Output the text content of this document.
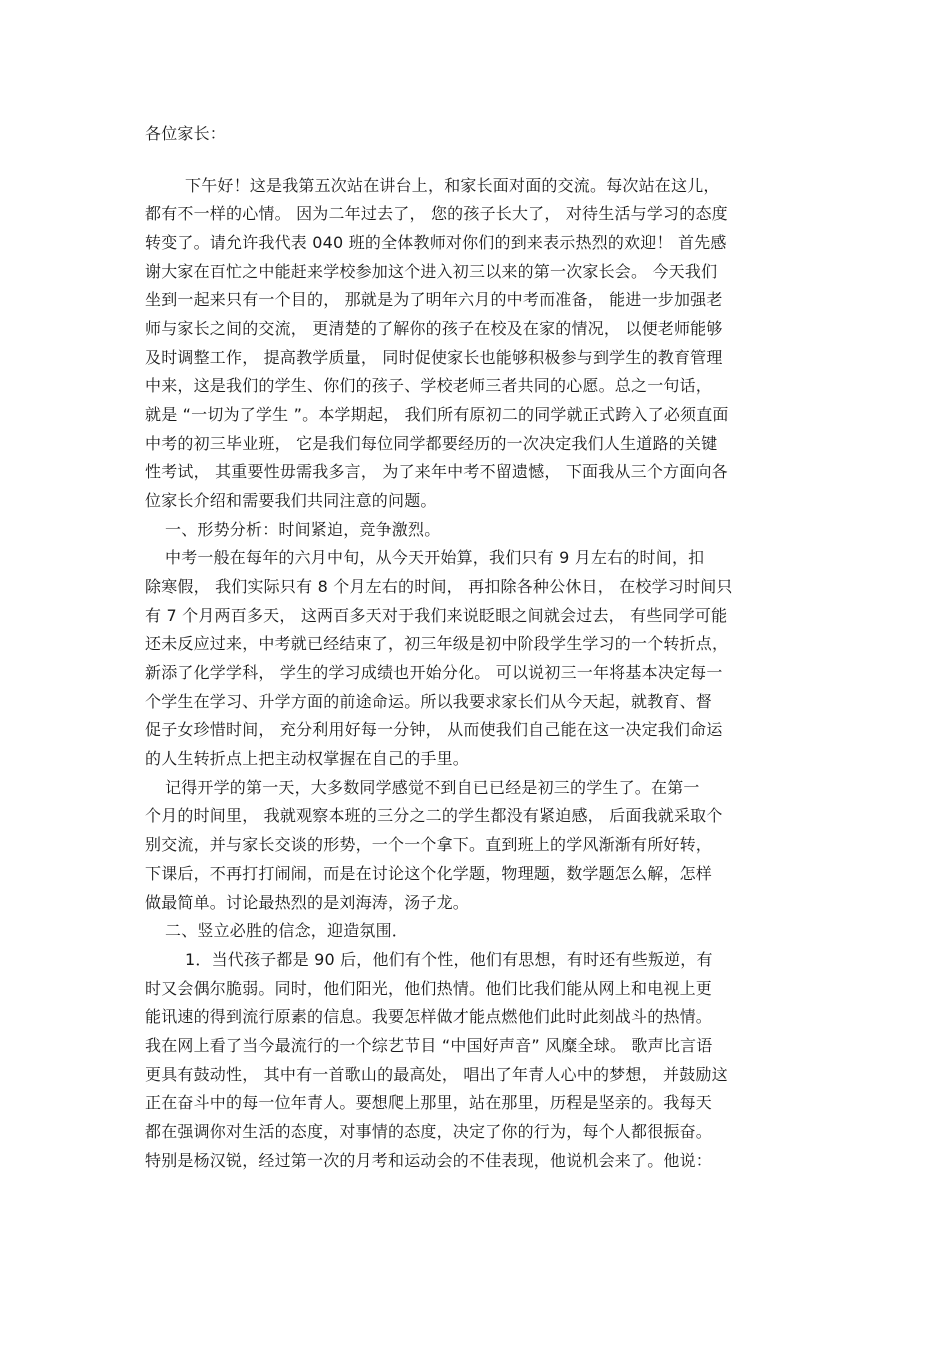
各位家长：
下午好！这是我第五次站在讲台上，和家长面对面的交流。每次站在这儿，
都有不一样的心情。 因为二年过去了， 您的孩子长大了， 对待生活与学习的态度
转变了。请允许我代表 040 班的全体教师对你们的到来表示热烈的欢迎！ 首先感
谢大家在百忙之中能赶来学校参加这个进入初三以来的第一次家长会。 今天我们
坐到一起来只有一个目的， 那就是为了明年六月的中考而准备， 能进一步加强老
师与家长之间的交流， 更清楚的了解你的孩子在校及在家的情况， 以便老师能够
及时调整工作， 提高教学质量， 同时促使家长也能够积极参与到学生的教育管理
中来，这是我们的学生、你们的孩子、学校老师三者共同的心愿。总之一句话，
就是 “一切为了学生 ”。本学期起， 我们所有原初二的同学就正式跨入了必须直面
中考的初三毕业班， 它是我们每位同学都要经历的一次决定我们人生道路的关键
性考试， 其重要性毋需我多言， 为了来年中考不留遗憾， 下面我从三个方面向各
位家长介绍和需要我们共同注意的问题。
一、形势分析：时间紧迫，竞争激烈。
中考一般在每年的六月中旬，从今天开始算，我们只有 9 月左右的时间，扣
除寒假， 我们实际只有 8 个月左右的时间， 再扣除各种公休日， 在校学习时间只
有 7 个月两百多天， 这两百多天对于我们来说眨眼之间就会过去， 有些同学可能
还未反应过来，中考就已经结束了，初三年级是初中阶段学生学习的一个转折点，
新添了化学学科， 学生的学习成绩也开始分化。 可以说初三一年将基本决定每一
个学生在学习、升学方面的前途命运。所以我要求家长们从今天起，就教育、督
促子女珍惜时间， 充分利用好每一分钟， 从而使我们自己能在这一决定我们命运
的人生转折点上把主动权掌握在自己的手里。
记得开学的第一天，大多数同学感觉不到自已已经是初三的学生了。在第一
个月的时间里， 我就观察本班的三分之二的学生都没有紧迫感， 后面我就采取个
别交流，并与家长交谈的形势，一个一个拿下。直到班上的学风渐渐有所好转，
下课后，不再打打闹闹，而是在讨论这个化学题，物理题，数学题怎么解，怎样
做最简单。讨论最热烈的是刘海涛，汤子龙。
二、竖立必胜的信念，迎造氛围．
1．当代孩子都是 90 后，他们有个性，他们有思想，有时还有些叛逆，有
时又会偶尔脆弱。同时，他们阳光，他们热情。他们比我们能从网上和电视上更
能讯速的得到流行原素的信息。我要怎样做才能点燃他们此时此刻战斗的热情。
我在网上看了当今最流行的一个综艺节目 “中国好声音” 风糜全球。 歌声比言语
更具有鼓动性， 其中有一首歌山的最高处， 唱出了年青人心中的梦想， 并鼓励这
正在奋斗中的每一位年青人。要想爬上那里，站在那里，历程是坚亲的。我每天
都在强调你对生活的态度，对事情的态度，决定了你的行为，每个人都很振奋。
特别是杨汉锐，经过第一次的月考和运动会的不佳表现，他说机会来了。他说：
